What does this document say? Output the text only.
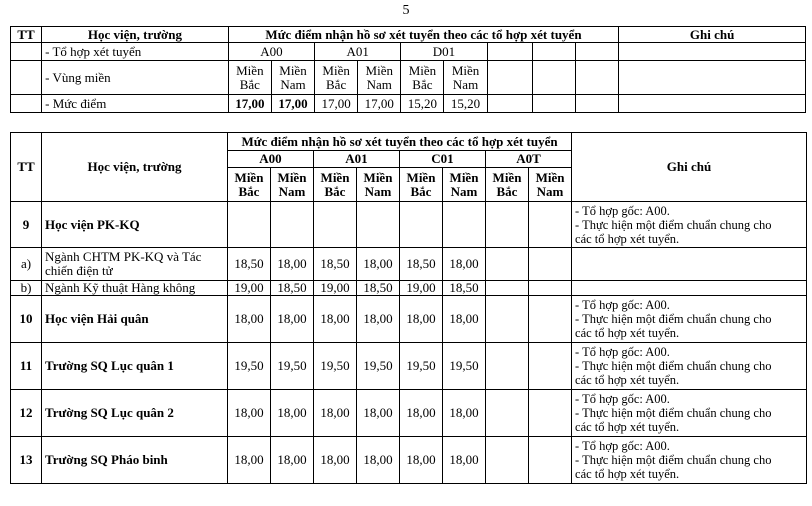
5
TT	Học viện, trường	Mức điểm nhận hồ sơ xét tuyển theo các tổ hợp xét tuyển									Ghi chú
	- Tổ hợp xét tuyển	A00		A01		D01					
	- Vùng miền	Miền Bắc	Miền Nam	Miền Bắc	Miền Nam	Miền Bắc	Miền Nam				
	- Mức điểm	17,00	17,00	17,00	17,00	15,20	15,20				
TT	Học viện, trường	Mức điểm nhận hồ sơ xét tuyển theo các tổ hợp xét tuyển								Ghi chú
		A00		A01		C01		A0T		
		Miền Bắc	Miền Nam	Miền Bắc	Miền Nam	Miền Bắc	Miền Nam	Miền Bắc	Miền Nam	
9	Học viện PK-KQ									- Tổ hợp gốc: A00.
- Thực hiện một điểm chuẩn chung cho
các tổ hợp xét tuyển.

a)	Ngành CHTM PK-KQ và Tác chiến điện tử	18,50	18,00	18,50	18,00	18,50	18,00			
b)	Ngành Kỹ thuật Hàng không	19,00	18,50	19,00	18,50	19,00	18,50			
10	Học viện Hải quân	18,00	18,00	18,00	18,00	18,00	18,00			- Tổ hợp gốc: A00.
- Thực hiện một điểm chuẩn chung cho
các tổ hợp xét tuyển.

11	Trường SQ Lục quân 1	19,50	19,50	19,50	19,50	19,50	19,50			- Tổ hợp gốc: A00.
- Thực hiện một điểm chuẩn chung cho
các tổ hợp xét tuyển.

12	Trường SQ Lục quân 2	18,00	18,00	18,00	18,00	18,00	18,00			- Tổ hợp gốc: A00.
- Thực hiện một điểm chuẩn chung cho
các tổ hợp xét tuyển.

13	Trường SQ Pháo binh	18,00	18,00	18,00	18,00	18,00	18,00			- Tổ hợp gốc: A00.
- Thực hiện một điểm chuẩn chung cho
các tổ hợp xét tuyển.
